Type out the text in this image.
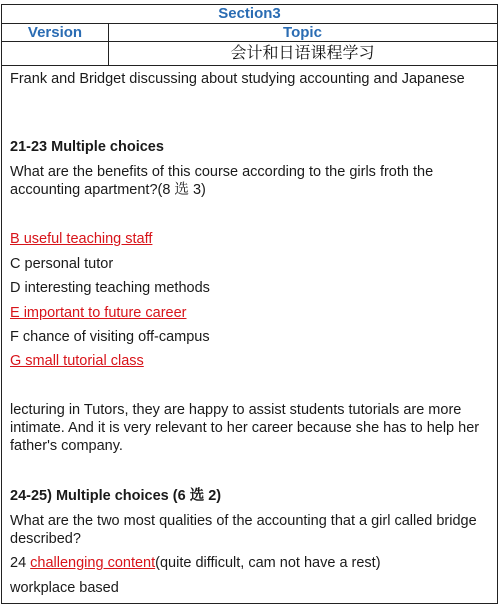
Section3
Version	Topic
会计和日语课程学习
Frank and Bridget discussing about studying accounting and Japanese
21-23 Multiple choices
What are the benefits of this course according to the girls froth the accounting apartment?(8 选 3)
B useful teaching staff
C personal tutor
D interesting teaching methods
E important to future career
F chance of visiting off-campus
G small tutorial class
lecturing in Tutors, they are happy to assist students tutorials are more intimate. And it is very relevant to her career because she has to help her father's company.
24-25) Multiple choices (6 选 2)
What are the two most qualities of the accounting that a girl called bridge described?
24 challenging content(quite difficult, cam not have a rest)
workplace based
